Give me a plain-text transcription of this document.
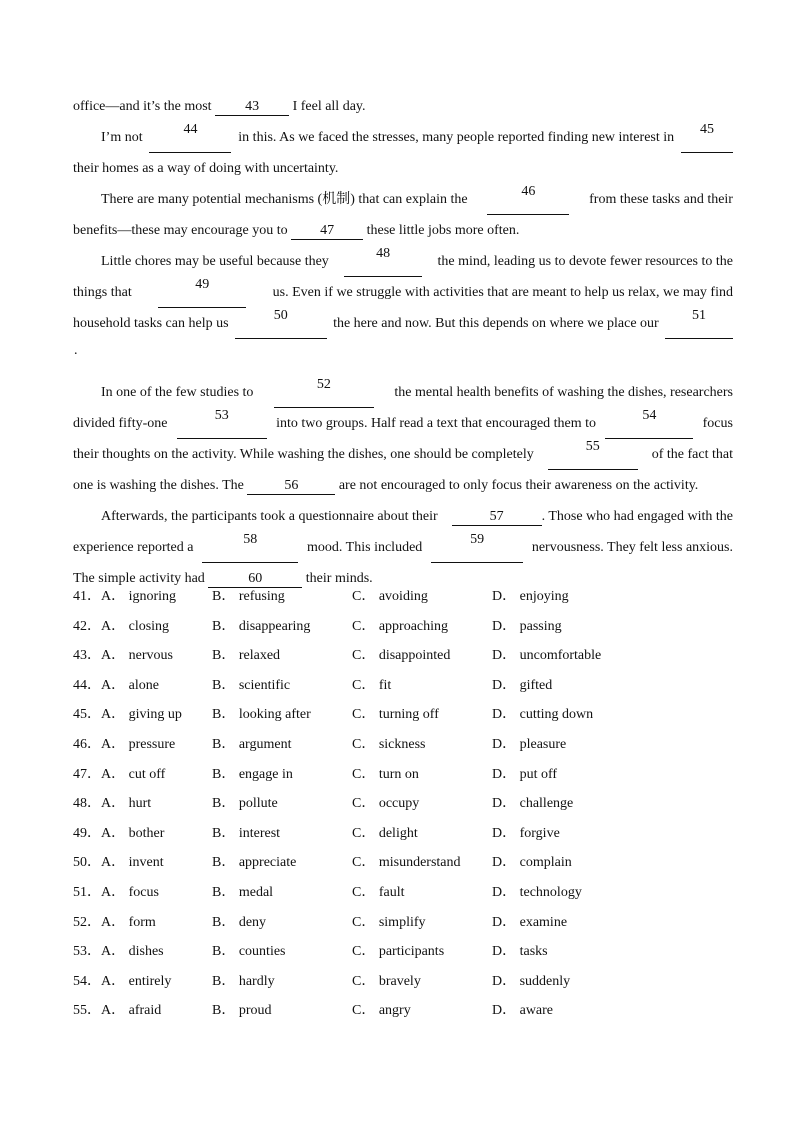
office—and it’s the most 43 I feel all day.
I’m not
44
in this. As we faced the stresses, many people reported finding new interest in
45
their homes as a way of doing with uncertainty.
There are many potential mechanisms (机制) that can explain the
46
from these tasks and their
benefits—these may encourage you to 47 these little jobs more often.
Little chores may be useful because they
48
the mind, leading us to devote fewer resources to the
things that
49
us. Even if we struggle with activities that are meant to help us relax, we may find
household tasks can help us
50
the here and now. But this depends on where we place our
51
.
In one of the few studies to
52
the mental health benefits of washing the dishes, researchers
divided fifty-one
53
into two groups. Half read a text that encouraged them to
54
focus
their thoughts on the activity. While washing the dishes, one should be completely
55
of the fact that
one is washing the dishes. The	56	are not encouraged to only focus their awareness on the activity.
Afterwards, the participants took a questionnaire about their	57	. Those who had engaged with the
experience reported a
58
mood. This included
59
nervousness. They felt less anxious.
The simple activity had	60	their minds.
41． A． ignoring	B． refusing	C． avoiding	D． enjoying
42． A． closing	B． disappearing	C． approaching	D． passing
43． A． nervous	B． relaxed	C． disappointed	D． uncomfortable
44． A． alone	B． scientific	C． fit	D． gifted
45． A． giving up B． looking after	C． turning off	D． cutting down
46． A． pressure	B． argument	C． sickness	D． pleasure
47． A． cut off	B． engage in	C． turn on	D． put off
48． A． hurt	B． pollute	C． occupy	D． challenge
49． A． bother	B． interest	C． delight	D． forgive
50． A． invent	B． appreciate	C． misunderstand D． complain
51． A． focus	B． medal	C． fault	D． technology
52． A． form	B． deny	C． simplify	D． examine
53． A． dishes	B． counties	C． participants	D． tasks
54． A． entirely	B． hardly	C． bravely	D． suddenly
55． A． afraid	B． proud	C． angry	D． aware
